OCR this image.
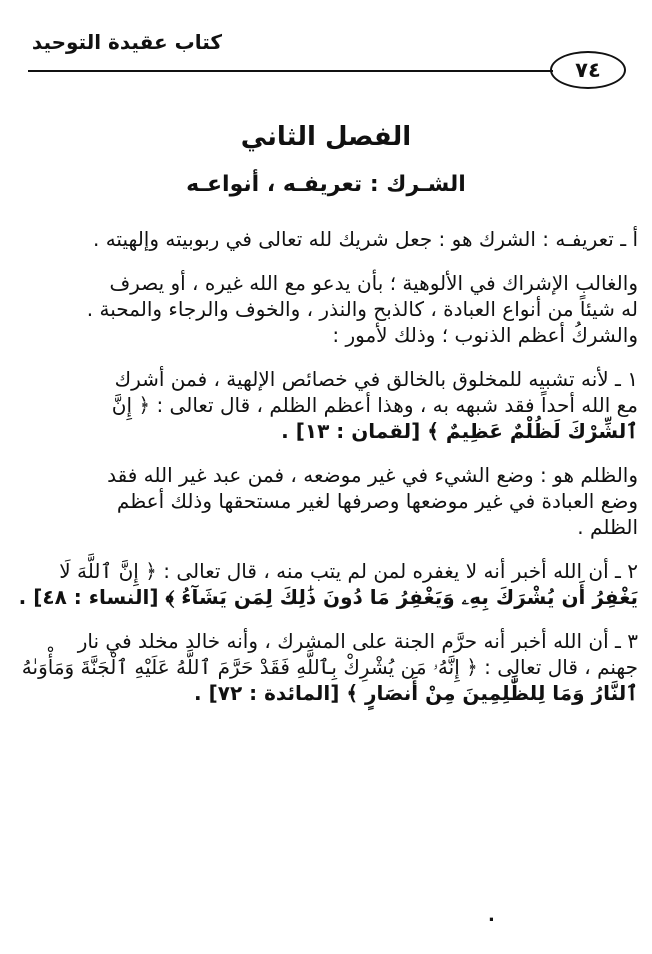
كتاب عقيدة التوحيد
٧٤
الفصل الثاني
الشـرك : تعريفـه ، أنواعـه
أ ـ تعريفـه : الشرك هو : جعل شريك لله تعالى في ربوبيته وإلهيته .
والغالب الإشراك في الألوهية ؛ بأن يدعو مع الله غيره ، أو يصرف
له شيئاً من أنواع العبادة ، كالذبح والنذر ، والخوف والرجاء والمحبة .
والشركُ أعظم الذنوب ؛ وذلك لأمور :
١ ـ لأنه تشبيه للمخلوق بالخالق في خصائص الإلهية ، فمن أشرك
مع الله أحداً فقد شبهه به ، وهذا أعظم الظلم ، قال تعالى : ﴿ إِنَّ
ٱلشِّرْكَ لَظُلْمٌ عَظِيمٌ ﴾ [لقمان : ١٣] .
والظلم هو : وضع الشيء في غير موضعه ، فمن عبد غير الله فقد
وضع العبادة في غير موضعها وصرفها لغير مستحقها وذلك أعظم
الظلم .
٢ ـ أن الله أخبر أنه لا يغفره لمن لم يتب منه ، قال تعالى : ﴿ إِنَّ ٱللَّهَ لَا
يَغْفِرُ أَن يُشْرَكَ بِهِۦ وَيَغْفِرُ مَا دُونَ ذَٰلِكَ لِمَن يَشَآءُ ﴾ [النساء : ٤٨] .
٣ ـ أن الله أخبر أنه حرَّم الجنة على المشرك ، وأنه خالد مخلد في نار
جهنم ، قال تعالى : ﴿ إِنَّهُۥ مَن يُشْرِكْ بِٱللَّهِ فَقَدْ حَرَّمَ ٱللَّهُ عَلَيْهِ ٱلْجَنَّةَ وَمَأْوَىٰهُ
ٱلنَّارُ وَمَا لِلظَّٰلِمِينَ مِنْ أَنصَارٍ ﴾ [المائدة : ٧٢] .
.
